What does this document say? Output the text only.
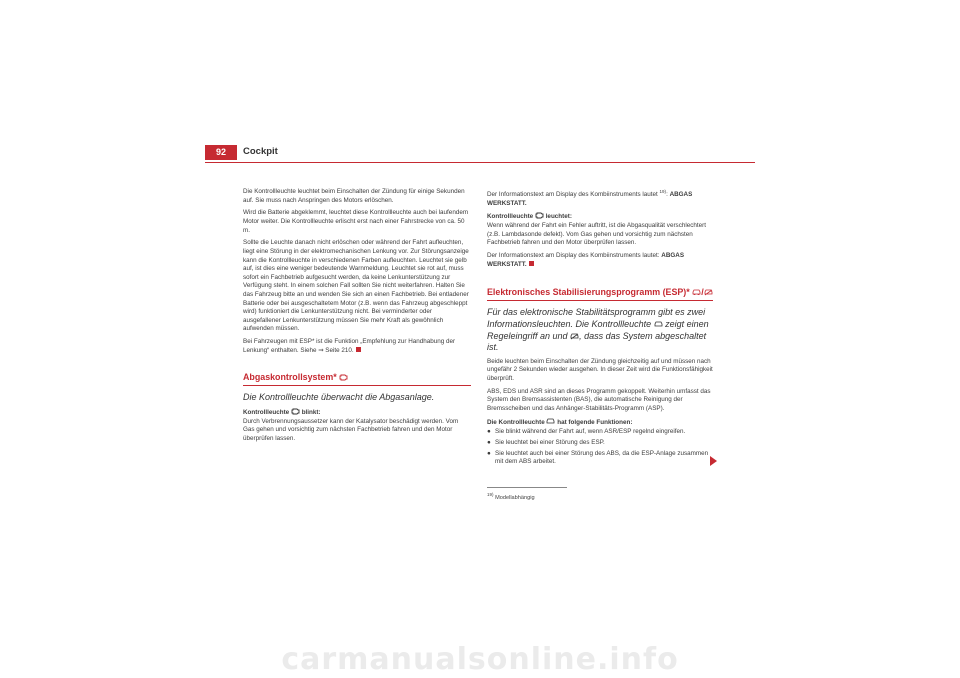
92	Cockpit

Die Kontrollleuchte leuchtet beim Einschalten der Zündung für einige Sekunden auf. Sie muss nach Anspringen des Motors erlöschen.

Wird die Batterie abgeklemmt, leuchtet diese Kontrollleuchte auch bei laufendem Motor weiter. Die Kontrollleuchte erlischt erst nach einer Fahrstrecke von ca. 50 m.

Sollte die Leuchte danach nicht erlöschen oder während der Fahrt aufleuchten, liegt eine Störung in der elektromechanischen Lenkung vor. Zur Störungsanzeige kann die Kontrollleuchte in verschiedenen Farben aufleuchten. Leuchtet sie gelb auf, ist dies eine weniger bedeutende Warnmeldung. Leuchtet sie rot auf, muss sofort ein Fachbetrieb aufgesucht werden, da keine Lenkunterstützung zur Verfügung steht. In einem solchen Fall sollten Sie nicht weiterfahren. Halten Sie das Fahrzeug bitte an und wenden Sie sich an einen Fachbetrieb. Bei entladener Batterie oder bei ausgeschaltetem Motor (z.B. wenn das Fahrzeug abgeschleppt wird) funktioniert die Lenkunterstützung nicht. Bei verminderter oder ausgefallener Lenkunterstützung müssen Sie mehr Kraft als gewöhnlich aufwenden müssen.

Bei Fahrzeugen mit ESP* ist die Funktion „Empfehlung zur Handhabung der Lenkung“ enthalten. Siehe ⇒ Seite 210.

Abgaskontrollsystem*

Die Kontrollleuchte überwacht die Abgasanlage.

Kontrollleuchte blinkt:

Durch Verbrennungsaussetzer kann der Katalysator beschädigt werden. Vom Gas gehen und vorsichtig zum nächsten Fachbetrieb fahren und den Motor überprüfen lassen.

Der Informationstext am Display des Kombiinstruments lautet $^{19)}$: ABGAS WERKSTATT.

Kontrollleuchte leuchtet:

Wenn während der Fahrt ein Fehler auftritt, ist die Abgasqualität verschlechtert (z.B. Lambdasonde defekt). Vom Gas gehen und vorsichtig zum nächsten Fachbetrieb fahren und den Motor überprüfen lassen.

Der Informationstext am Display des Kombiinstruments lautet: ABGAS WERKSTATT.

Elektronisches Stabilisierungsprogramm (ESP)* /

Für das elektronische Stabilitätsprogramm gibt es zwei Informationsleuchten. Die Kontrollleuchte zeigt einen Regeleingriff an und , dass das System abgeschaltet ist.

Beide leuchten beim Einschalten der Zündung gleichzeitig auf und müssen nach ungefähr 2 Sekunden wieder ausgehen. In dieser Zeit wird die Funktionsfähigkeit überprüft.

ABS, EDS und ASR sind an dieses Programm gekoppelt. Weiterhin umfasst das System den Bremsassistenten (BAS), die automatische Reinigung der Bremsscheiben und das Anhänger-Stabilitäts-Programm (ASP).

Die Kontrollleuchte hat folgende Funktionen:

● Sie blinkt während der Fahrt auf, wenn ASR/ESP regelnd eingreifen.
● Sie leuchtet bei einer Störung des ESP.
● Sie leuchtet auch bei einer Störung des ABS, da die ESP-Anlage zusammen mit dem ABS arbeitet.
$^{19)}$ Modellabhängig
carmanualsonline.info
